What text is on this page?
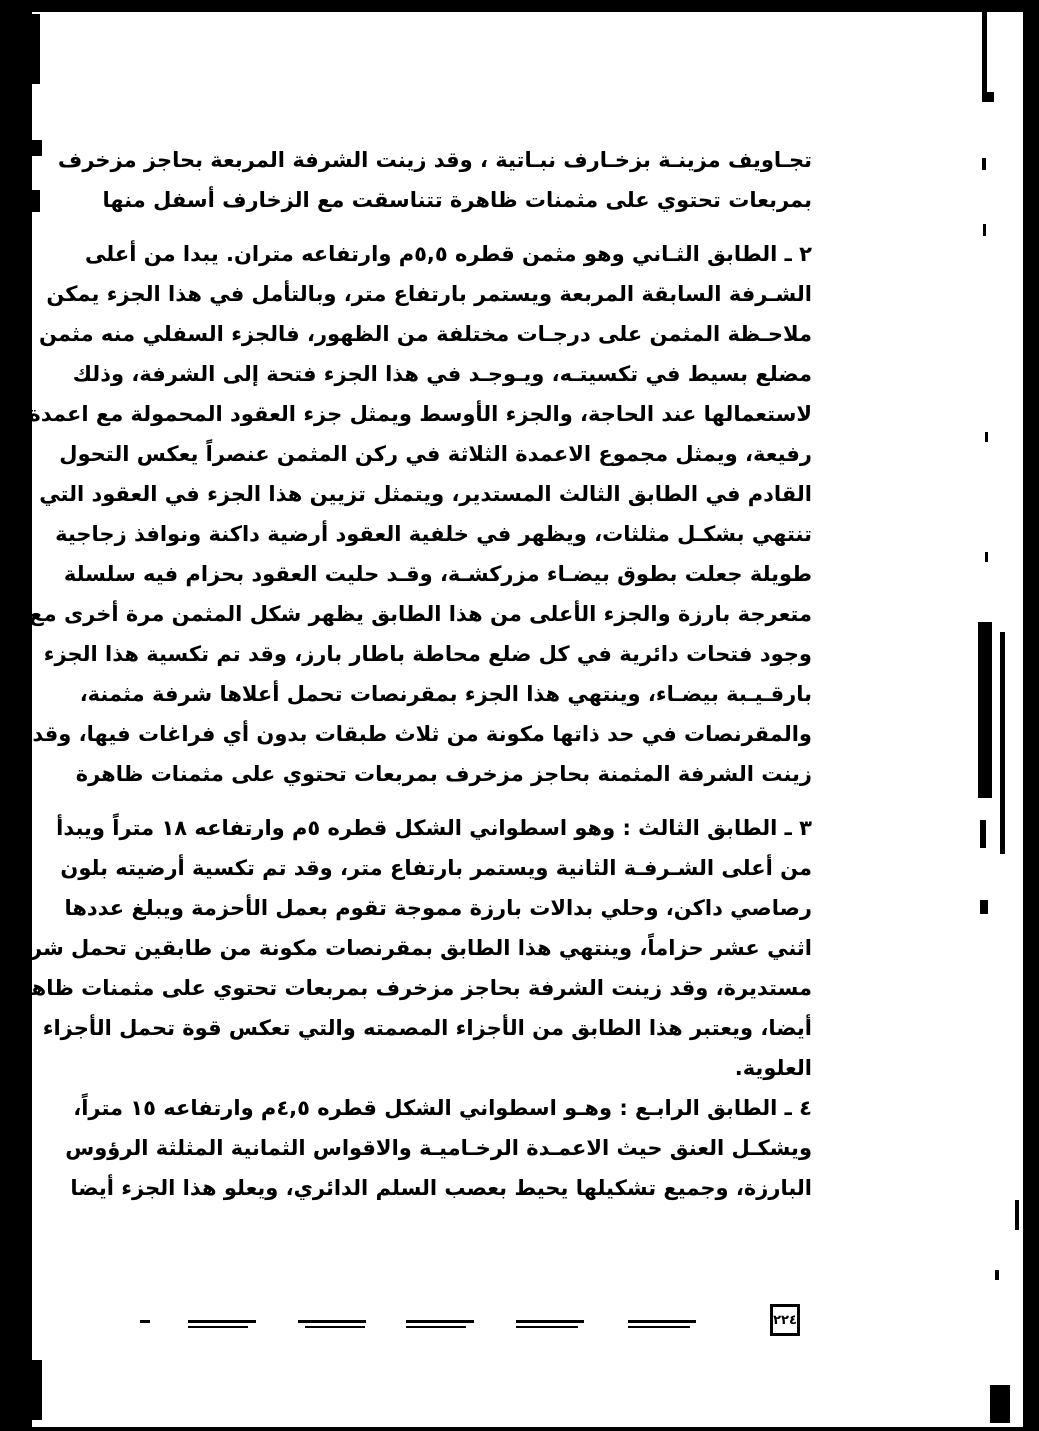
تجـاويف مزينـة بزخـارف نبـاتية ، وقد زينت الشرفة المربعة بحاجز مزخرف
بمربعات تحتوي على مثمنات ظاهرة تتناسقت مع الزخارف أسفل منها
٢ ـ الطابق الثـاني وهو مثمن قطره ٥,٥م وارتفاعه متران. يبدا من أعلى
الشـرفة السابقة المربعة ويستمر بارتفاع متر، وبالتأمل في هذا الجزء يمكن
ملاحـظة المثمن على درجـات مختلفة من الظهور، فالجزء السفلي منه مثمن
مضلع بسيط في تكسيتـه، ويـوجـد في هذا الجزء فتحة إلى الشرفة، وذلك
لاستعمالها عند الحاجة، والجزء الأوسط ويمثل جزء العقود المحمولة مع اعمدة
رفيعة، ويمثل مجموع الاعمدة الثلاثة في ركن المثمن عنصراً يعكس التحول
القادم في الطابق الثالث المستدير، ويتمثل تزيين هذا الجزء في العقود التي
تنتهي بشكـل مثلثات، ويظهر في خلفية العقود أرضية داكنة ونوافذ زجاجية
طويلة جعلت بطوق بيضـاء مزركشـة، وقـد حليت العقود بحزام فيه سلسلة
متعرجة بارزة والجزء الأعلى من هذا الطابق يظهر شكل المثمن مرة أخرى مع
وجود فتحات دائرية في كل ضلع محاطة باطار بارز، وقد تم تكسية هذا الجزء
بارقـيـبة بيضـاء، وينتهي هذا الجزء بمقرنصات تحمل أعلاها شرفة مثمنة،
والمقرنصات في حد ذاتها مكونة من ثلاث طبقات بدون أي فراغات فيها، وقد
زينت الشرفة المثمنة بحاجز مزخرف بمربعات تحتوي على مثمنات ظاهرة
٣ ـ الطابق الثالث : وهو اسطواني الشكل قطره ٥م وارتفاعه ١٨ متراً ويبدأ
من أعلى الشـرفـة الثانية ويستمر بارتفاع متر، وقد تم تكسية أرضيته بلون
رصاصي داكن، وحلي بدالات بارزة مموجة تقوم بعمل الأحزمة ويبلغ عددها
اثني عشر حزاماً، وينتهي هذا الطابق بمقرنصات مكونة من طابقين تحمل شرفة
مستديرة، وقد زينت الشرفة بحاجز مزخرف بمربعات تحتوي على مثمنات ظاهرة
أيضا، ويعتبر هذا الطابق من الأجزاء المصمته والتي تعكس قوة تحمل الأجزاء
العلوية.
٤ ـ الطابق الرابـع : وهـو اسطواني الشكل قطره ٤,٥م وارتفاعه ١٥ متراً،
ويشكـل العنق حيث الاعمـدة الرخـاميـة والاقواس الثمانية المثلثة الرؤوس
البارزة، وجميع تشكيلها يحيط بعصب السلم الدائري، ويعلو هذا الجزء أيضا
٢٢٤
